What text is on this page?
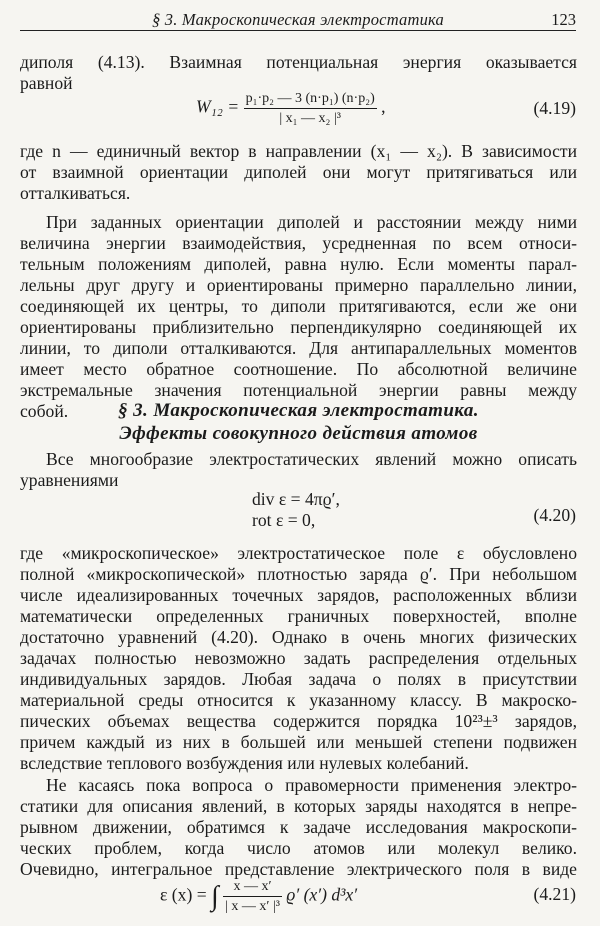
§ 3. Макроскопическая электростатика	123
диполя (4.13). Взаимная потенциальная энергия оказывается
равной
$W_{12} = \frac{\text{p₁·p₂ — 3 (n·p₁) (n·p₂)}}{\text{| x₁ — x₂ |³}}$ ,	(4.19)
где n — единичный вектор в направлении (x₁ — x₂). В зависимости
от взаимной ориентации диполей они могут притягиваться или
отталкиваться.
При заданных ориентации диполей и расстоянии между ними
величина энергии взаимодействия, усредненная по всем относи-
тельным положениям диполей, равна нулю. Если моменты парал-
лельны друг другу и ориентированы примерно параллельно линии,
соединяющей их центры, то диполи притягиваются, если же они
ориентированы приблизительно перпендикулярно соединяющей их
линии, то диполи отталкиваются. Для антипараллельных моментов
имеет место обратное соотношение. По абсолютной величине
экстремальные значения потенциальной энергии равны между
собой.	§ 3. Макроскопическая электростатика.
Эффекты совокупного действия атомов
Все многообразие электростатических явлений можно описать
уравнениями
div ε = 4πϱ′,
rot ε = 0,	(4.20)
где «микроскопическое» электростатическое поле ε обусловлено
полной «микроскопической» плотностью заряда ϱ′. При небольшом
числе идеализированных точечных зарядов, расположенных вблизи
математически определенных граничных поверхностей, вполне
достаточно уравнений (4.20). Однако в очень многих физических
задачах полностью невозможно задать распределения отдельных
индивидуальных зарядов. Любая задача о полях в присутствии
материальной среды относится к указанному классу. В макроско-
пических объемах вещества содержится порядка 10²³±³ зарядов,
причем каждый из них в большей или меньшей степени подвижен
вследствие теплового возбуждения или нулевых колебаний.
Не касаясь пока вопроса о правомерности применения электро-
статики для описания явлений, в которых заряды находятся в непре-
рывном движении, обратимся к задаче исследования макроскопи-
ческих проблем, когда число атомов или молекул велико.
Очевидно, интегральное представление электрического поля в виде
ε (x) = ∫ $\frac{x — x'}{\text{| x — x′ |³}} ϱ'$ (x′) d³x′	(4.21)
